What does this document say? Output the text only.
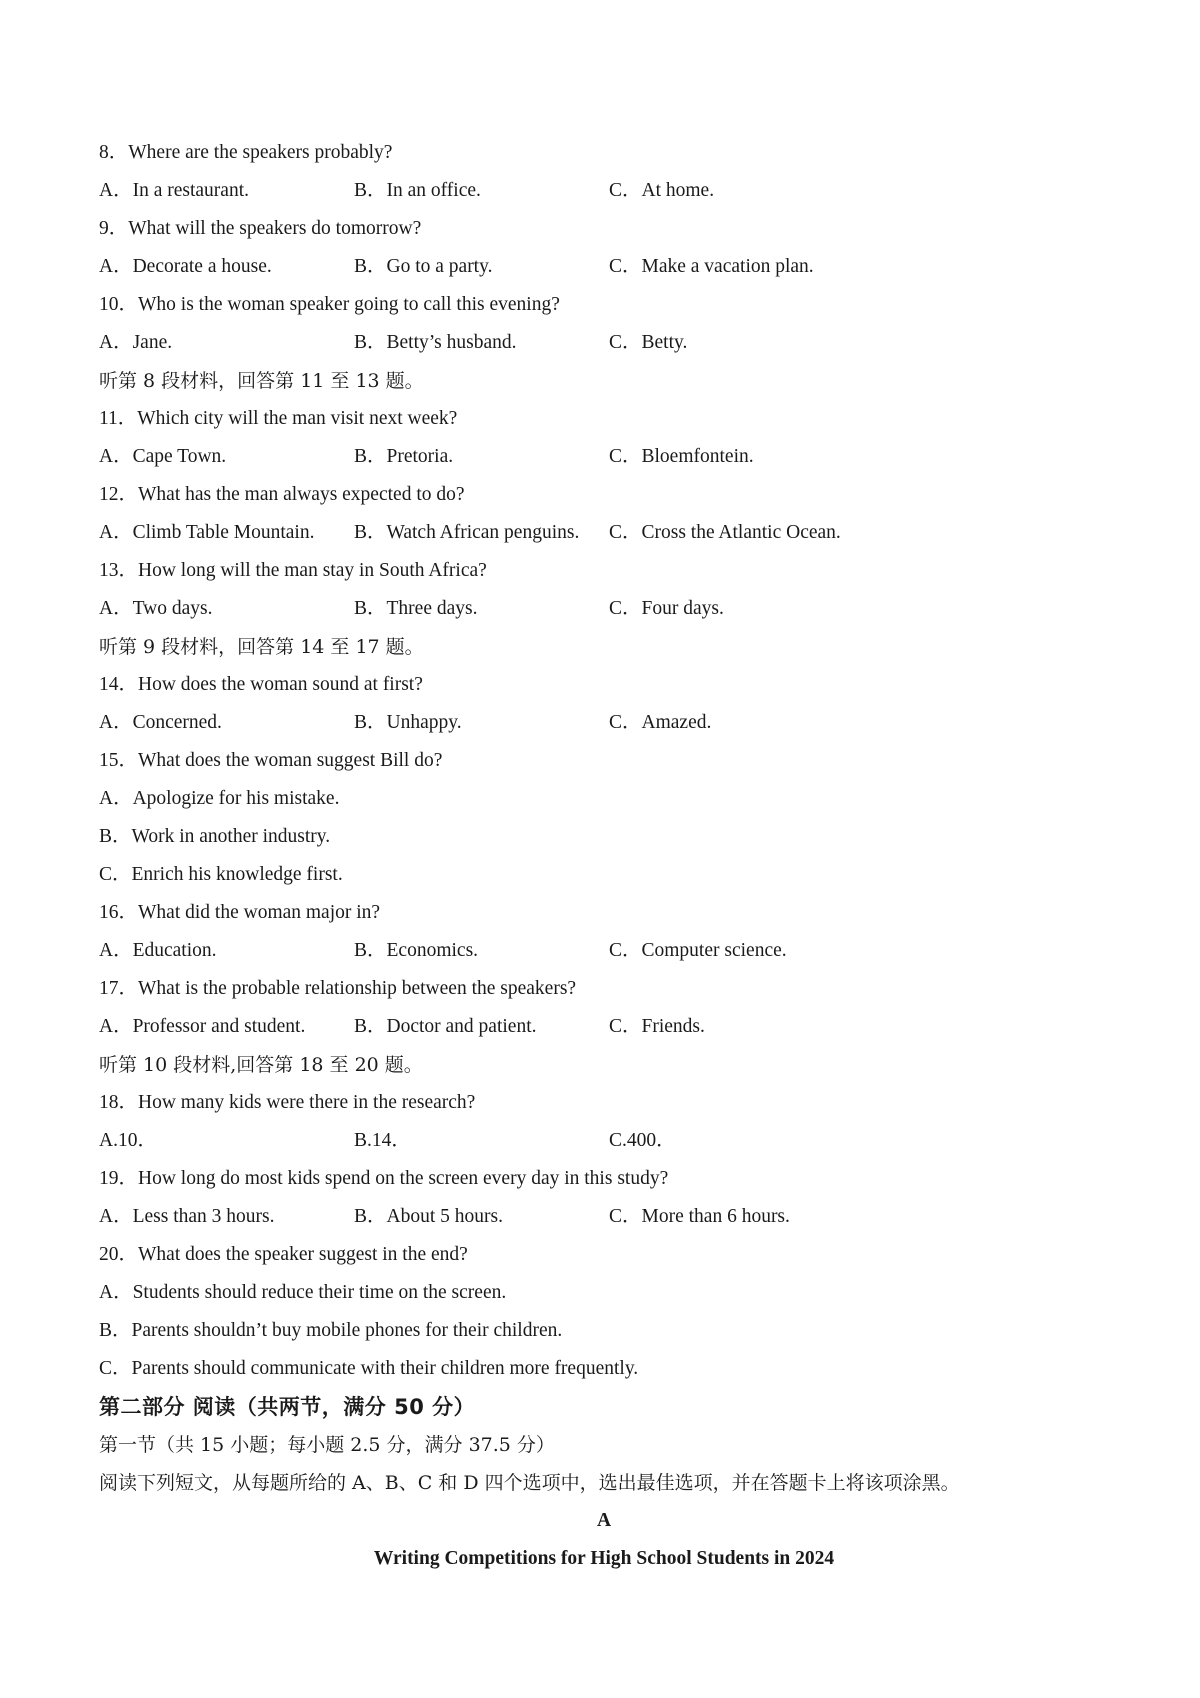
8．Where are the speakers probably?
A．In a restaurant.	B．In an office.	C．At home.
9．What will the speakers do tomorrow?
A．Decorate a house.	B．Go to a party.	C．Make a vacation plan.
10．Who is the woman speaker going to call this evening?
A．Jane.	B．Betty’s husband.	C．Betty.
听第 8 段材料，回答第 11 至 13 题。
11．Which city will the man visit next week?
A．Cape Town.	B．Pretoria.	C．Bloemfontein.
12．What has the man always expected to do?
A．Climb Table Mountain. B．Watch African penguins. C．Cross the Atlantic Ocean.
13．How long will the man stay in South Africa?
A．Two days.	B．Three days.	C．Four days.
听第 9 段材料，回答第 14 至 17 题。
14．How does the woman sound at first?
A．Concerned.	B．Unhappy.	C．Amazed.
15．What does the woman suggest Bill do?
A．Apologize for his mistake.
B．Work in another industry.
C．Enrich his knowledge first.
16．What did the woman major in?
A．Education.	B．Economics.	C．Computer science.
17．What is the probable relationship between the speakers?
A．Professor and student. B．Doctor and patient.	C．Friends.
听第 10 段材料,回答第 18 至 20 题。
18．How many kids were there in the research?
A.10．	B.14．	C.400．
19．How long do most kids spend on the screen every day in this study?
A．Less than 3 hours.	B．About 5 hours.	C．More than 6 hours.
20．What does the speaker suggest in the end?
A．Students should reduce their time on the screen.
B．Parents shouldn’t buy mobile phones for their children.
C．Parents should communicate with their children more frequently.
第二部分 阅读（共两节，满分 50 分）
第一节（共 15 小题；每小题 2.5 分，满分 37.5 分）
阅读下列短文，从每题所给的 A、B、C 和 D 四个选项中，选出最佳选项，并在答题卡上将该项涂黑。
A
Writing Competitions for High School Students in 2024
